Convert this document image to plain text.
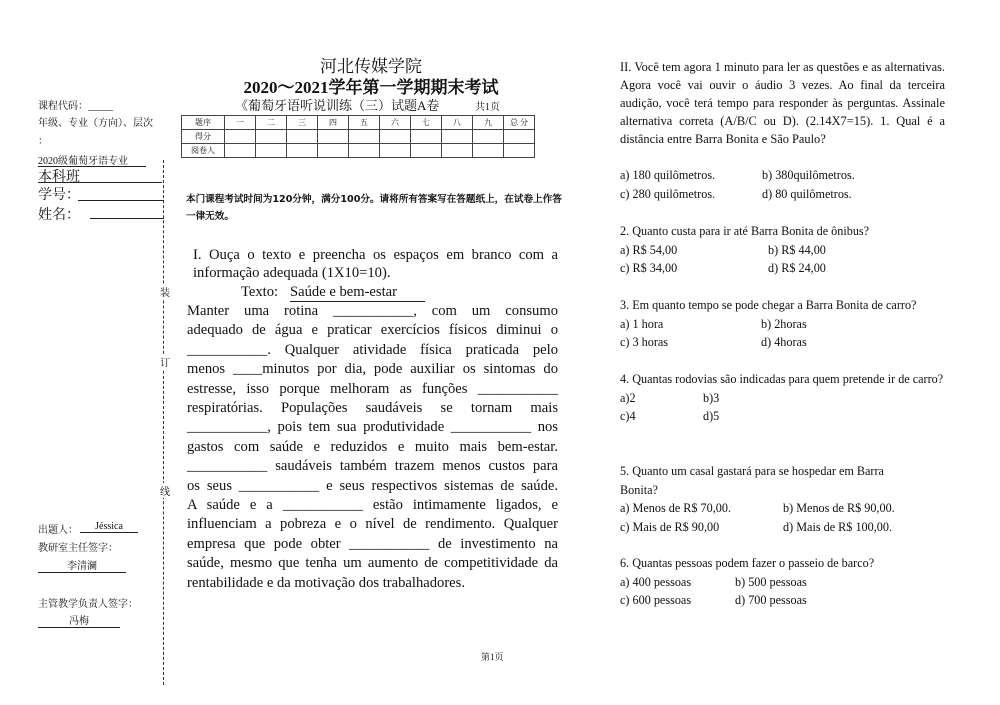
课程代码：_____
年级、专业（方向）、层次
：
2020级葡萄牙语专业
本科班
学号：
姓名：
装
订
线
出题人：	Jéssica
教研室主任签字：
李清澜
主管教学负责人签字：
冯梅
河北传媒学院
2020～2021学年第一学期期末考试
《葡萄牙语听说训练（三）试题A卷	共1页
题序	一	二	三	四	五	六	七	八	九	总 分
得分										
阅卷人										
本门课程考试时间为120分钟，满分100分。请将所有答案写在答题纸上，在试卷上作答一律无效。
I. Ouça o texto e preencha os espaços em branco com a informação adequada (1X10=10).
Texto: Saúde e bem-estar
Manter uma rotina ___________, com um consumo
adequado de água e praticar exercícios físicos diminui o
___________. Qualquer atividade física praticada pelo
menos ____minutos por dia, pode auxiliar os sintomas do
estresse, isso porque melhoram as funções ___________
respiratórias. Populações saudáveis se tornam mais
___________, pois tem sua produtividade ___________ nos
gastos com saúde e reduzidos e muito mais bem-estar.
___________ saudáveis também trazem menos custos para
os seus ___________ e seus respectivos sistemas de saúde.
A saúde e a ___________ estão intimamente ligados, e
influenciam a pobreza e o nível de rendimento. Qualquer
empresa que pode obter ___________ de investimento na
saúde, mesmo que tenha um aumento de competitividade da
rentabilidade e da motivação dos trabalhadores.
II. Você tem agora 1 minuto para ler as questões e as alternativas. Agora você vai ouvir o áudio 3 vezes. Ao final da terceira audição, você terá tempo para responder às perguntas. Assinale alternativa correta (A/B/C ou D). (2.14X7=15). 1. Qual é a distância entre Barra Bonita e São Paulo?
a) 180 quilômetros.	b) 380quilômetros.
c) 280 quilômetros.	d) 80 quilômetros.
2. Quanto custa para ir até Barra Bonita de ônibus?
a) R$ 54,00	b) R$ 44,00
c) R$ 34,00	d) R$ 24,00
3. Em quanto tempo se pode chegar a Barra Bonita de carro?
a) 1 hora	b) 2horas
c) 3 horas	d) 4horas
4. Quantas rodovias são indicadas para quem pretende ir de carro?
a)2	b)3
c)4	d)5
5. Quanto um casal gastará para se hospedar em Barra Bonita?
a) Menos de R$ 70,00.	b) Menos de R$ 90,00.
c) Mais de R$ 90,00	d) Mais de R$ 100,00.
6. Quantas pessoas podem fazer o passeio de barco?
a) 400 pessoas	b) 500 pessoas
c) 600 pessoas	d) 700 pessoas
第1页
